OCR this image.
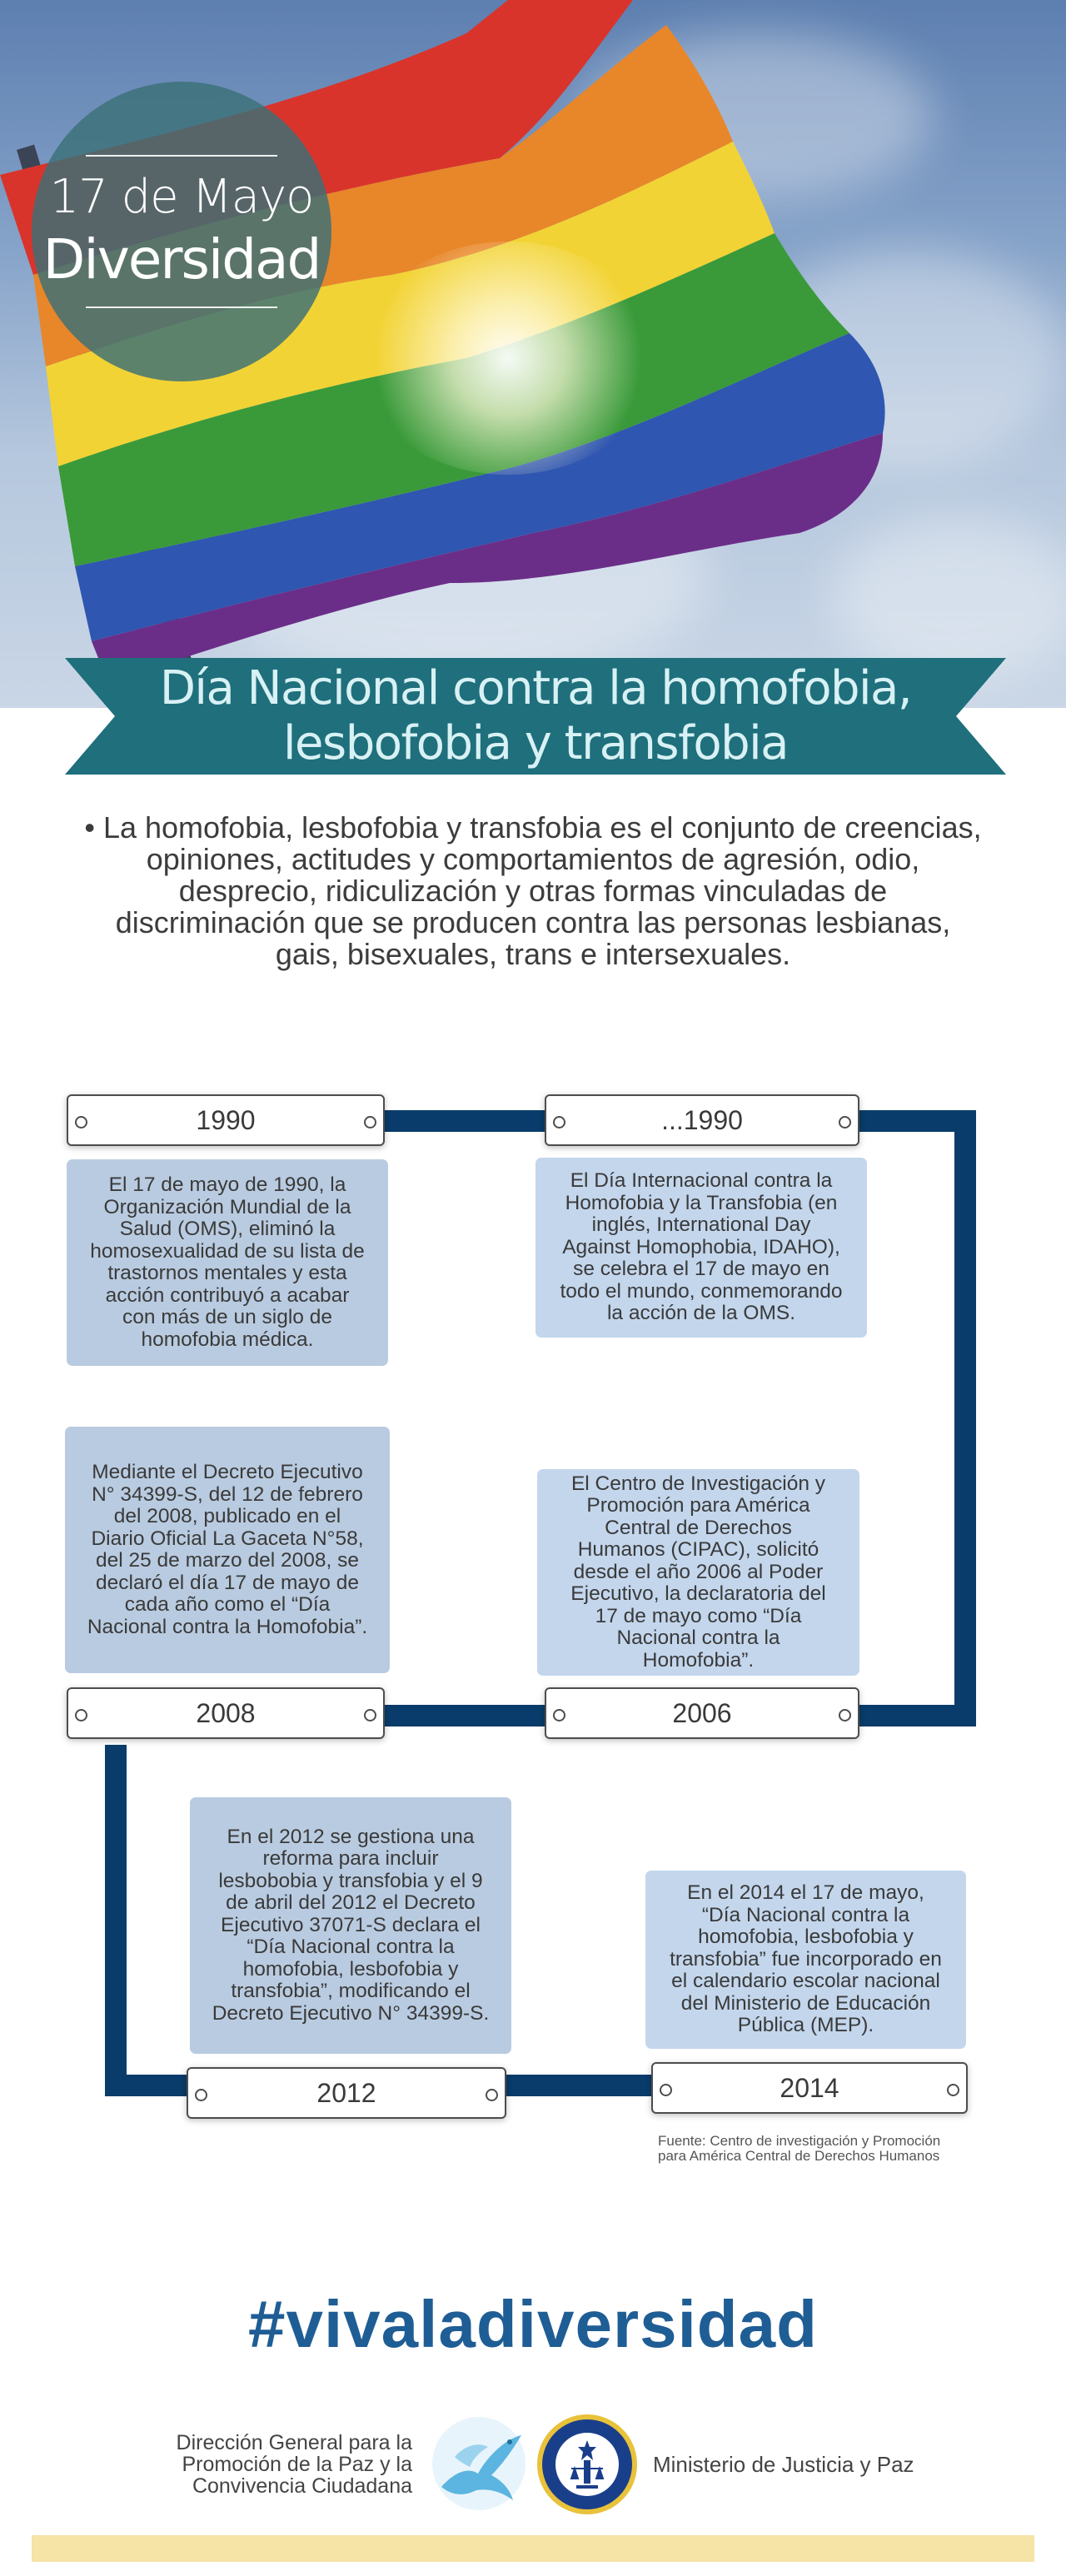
17 de Mayo
Diversidad
Día Nacional contra la homofobia,
lesbofobia y transfobia
• La homofobia, lesbofobia y transfobia es el conjunto de creencias, opiniones, actitudes y comportamientos de agresión, odio, desprecio, ridiculización y otras formas vinculadas de discriminación que se producen contra las personas lesbianas, gais, bisexuales, trans e intersexuales.
1990
El 17 de mayo de 1990, la Organización Mundial de la Salud (OMS), eliminó la homosexualidad de su lista de trastornos mentales y esta acción contribuyó a acabar con más de un siglo de homofobia médica.
...1990
El Día Internacional contra la Homofobia y la Transfobia (en inglés, International Day Against Homophobia, IDAHO), se celebra el 17 de mayo en todo el mundo, conmemorando la acción de la OMS.
Mediante el Decreto Ejecutivo N° 34399-S, del 12 de febrero del 2008, publicado en el Diario Oficial La Gaceta N°58, del 25 de marzo del 2008, se declaró el día 17 de mayo de cada año como el “Día Nacional contra la Homofobia”.
2008
El Centro de Investigación y Promoción para América Central de Derechos Humanos (CIPAC), solicitó desde el año 2006 al Poder Ejecutivo, la declaratoria del 17 de mayo como “Día Nacional contra la Homofobia”.
2006
En el 2012 se gestiona una reforma para incluir lesbobobia y transfobia y el 9 de abril del 2012 el Decreto Ejecutivo 37071-S declara el “Día Nacional contra la homofobia, lesbofobia y transfobia”, modificando el Decreto Ejecutivo N° 34399-S.
2012
En el 2014 el 17 de mayo, “Día Nacional contra la homofobia, lesbofobia y transfobia” fue incorporado en el calendario escolar nacional del Ministerio de Educación Pública (MEP).
2014
Fuente: Centro de investigación y Promoción
para América Central de Derechos Humanos
#vivaladiversidad
Dirección General para la
Promoción de la Paz y la
Convivencia Ciudadana
Ministerio de Justicia y Paz
